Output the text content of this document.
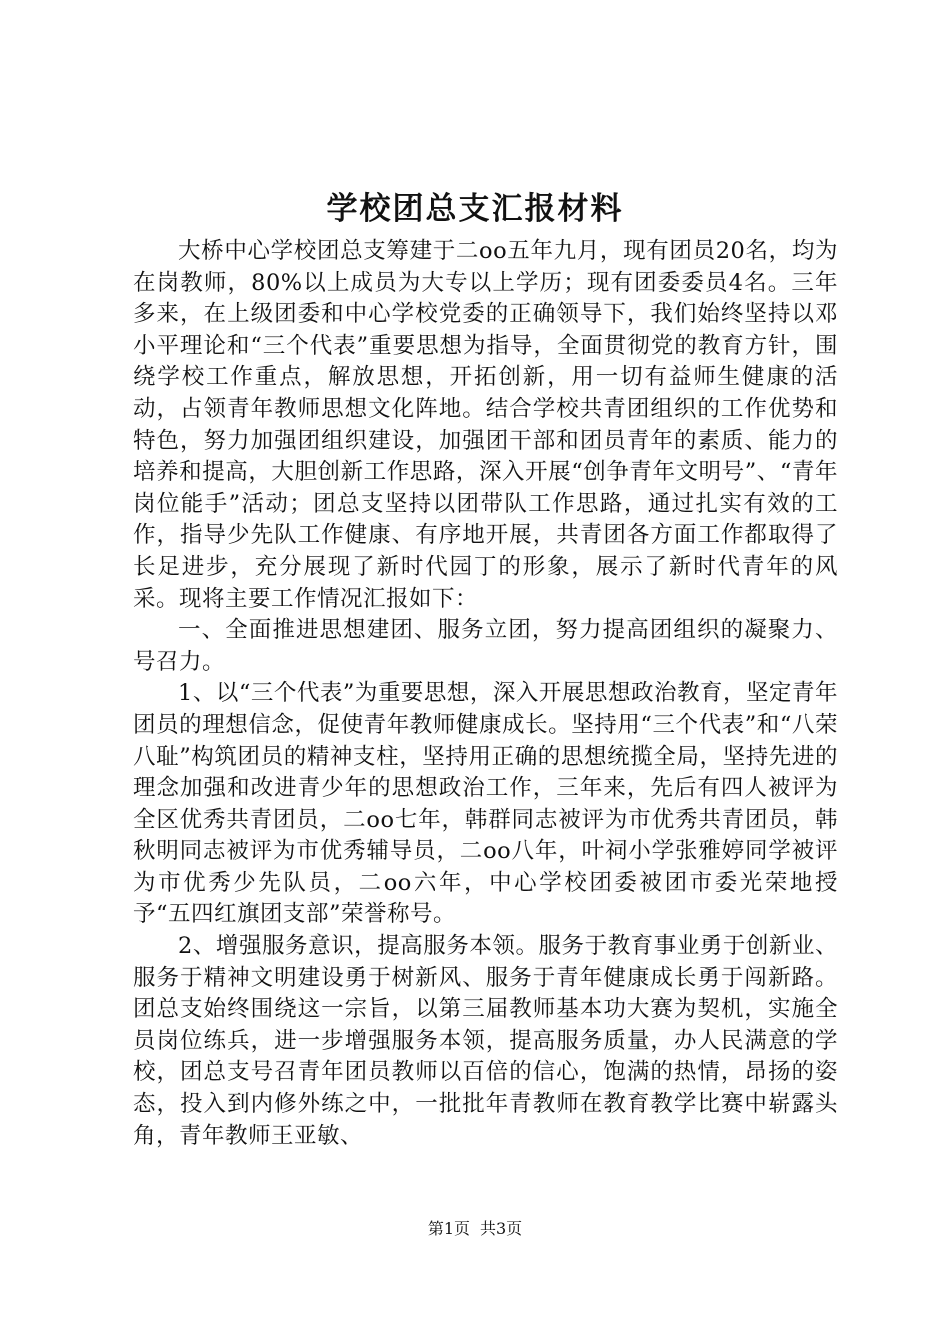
学校团总支汇报材料

大桥中心学校团总支筹建于二oo五年九月，现有团员20名，均为在岗教师，80%以上成员为大专以上学历；现有团委委员4名。三年多来，在上级团委和中心学校党委的正确领导下，我们始终坚持以邓小平理论和“三个代表”重要思想为指导，全面贯彻党的教育方针，围绕学校工作重点，解放思想，开拓创新，用一切有益师生健康的活动，占领青年教师思想文化阵地。结合学校共青团组织的工作优势和特色，努力加强团组织建设，加强团干部和团员青年的素质、能力的培养和提高，大胆创新工作思路，深入开展“创争青年文明号”、“青年岗位能手”活动；团总支坚持以团带队工作思路，通过扎实有效的工作，指导少先队工作健康、有序地开展，共青团各方面工作都取得了长足进步，充分展现了新时代园丁的形象，展示了新时代青年的风采。现将主要工作情况汇报如下：

一、全面推进思想建团、服务立团，努力提高团组织的凝聚力、号召力。

1、以“三个代表”为重要思想，深入开展思想政治教育，坚定青年团员的理想信念，促使青年教师健康成长。坚持用“三个代表”和“八荣八耻”构筑团员的精神支柱，坚持用正确的思想统揽全局，坚持先进的理念加强和改进青少年的思想政治工作，三年来，先后有四人被评为全区优秀共青团员，二oo七年，韩群同志被评为市优秀共青团员，韩秋明同志被评为市优秀辅导员，二oo八年，叶祠小学张雅婷同学被评为市优秀少先队员，二oo六年，中心学校团委被团市委光荣地授予“五四红旗团支部”荣誉称号。

2、增强服务意识，提高服务本领。服务于教育事业勇于创新业、服务于精神文明建设勇于树新风、服务于青年健康成长勇于闯新路。团总支始终围绕这一宗旨，以第三届教师基本功大赛为契机，实施全员岗位练兵，进一步增强服务本领，提高服务质量，办人民满意的学校，团总支号召青年团员教师以百倍的信心，饱满的热情，昂扬的姿态，投入到内修外练之中，一批批年青教师在教育教学比赛中崭露头角，青年教师王亚敏、

第1页 共3页
